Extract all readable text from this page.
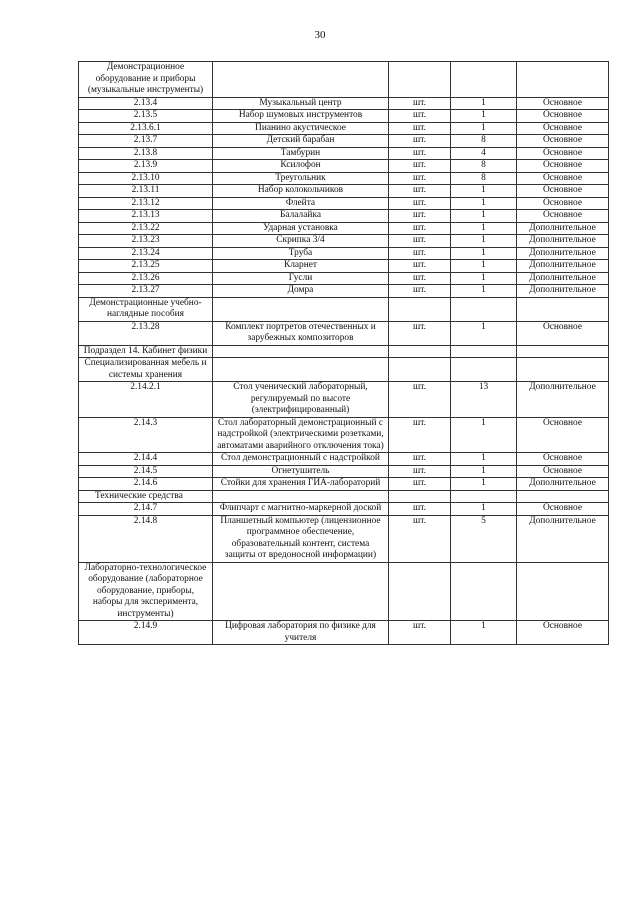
30
Демонстрационное оборудование и приборы (музыкальные инструменты)				
2.13.4	Музыкальный центр	шт.	1	Основное
2.13.5	Набор шумовых инструментов	шт.	1	Основное
2.13.6.1	Пианино акустическое	шт.	1	Основное
2.13.7	Детский барабан	шт.	8	Основное
2.13.8	Тамбурин	шт.	4	Основное
2.13.9	Ксилофон	шт.	8	Основное
2.13.10	Треугольник	шт.	8	Основное
2.13.11	Набор колокольчиков	шт.	1	Основное
2.13.12	Флейта	шт.	1	Основное
2.13.13	Балалайка	шт.	1	Основное
2.13.22	Ударная установка	шт.	1	Дополнительное
2.13.23	Скрипка 3/4	шт.	1	Дополнительное
2.13.24	Труба	шт.	1	Дополнительное
2.13.25	Кларнет	шт.	1	Дополнительное
2.13.26	Гусли	шт.	1	Дополнительное
2.13.27	Домра	шт.	1	Дополнительное
Демонстрационные учебно-наглядные пособия				
2.13.28	Комплект портретов отечественных и зарубежных композиторов	шт.	1	Основное
Подраздел 14. Кабинет физики				
Специализированная мебель и системы хранения				
2.14.2.1	Стол ученический лабораторный, регулируемый по высоте (электрифицированный)	шт.	13	Дополнительное
2.14.3	Стол лабораторный демонстрационный с надстройкой (электрическими розетками, автоматами аварийного отключения тока)	шт.	1	Основное
2.14.4	Стол демонстрационный с надстройкой	шт.	1	Основное
2.14.5	Огнетушитель	шт.	1	Основное
2.14.6	Стойки для хранения ГИА-лабораторий	шт.	1	Дополнительное
Технические средства				
2.14.7	Флипчарт с магнитно-маркерной доской	шт.	1	Основное
2.14.8	Планшетный компьютер (лицензионное программное обеспечение, образовательный контент, система защиты от вредоносной информации)	шт.	5	Дополнительное
Лабораторно-технологическое оборудование (лабораторное оборудование, приборы, наборы для эксперимента, инструменты)				
2.14.9	Цифровая лаборатория по физике для учителя	шт.	1	Основное
